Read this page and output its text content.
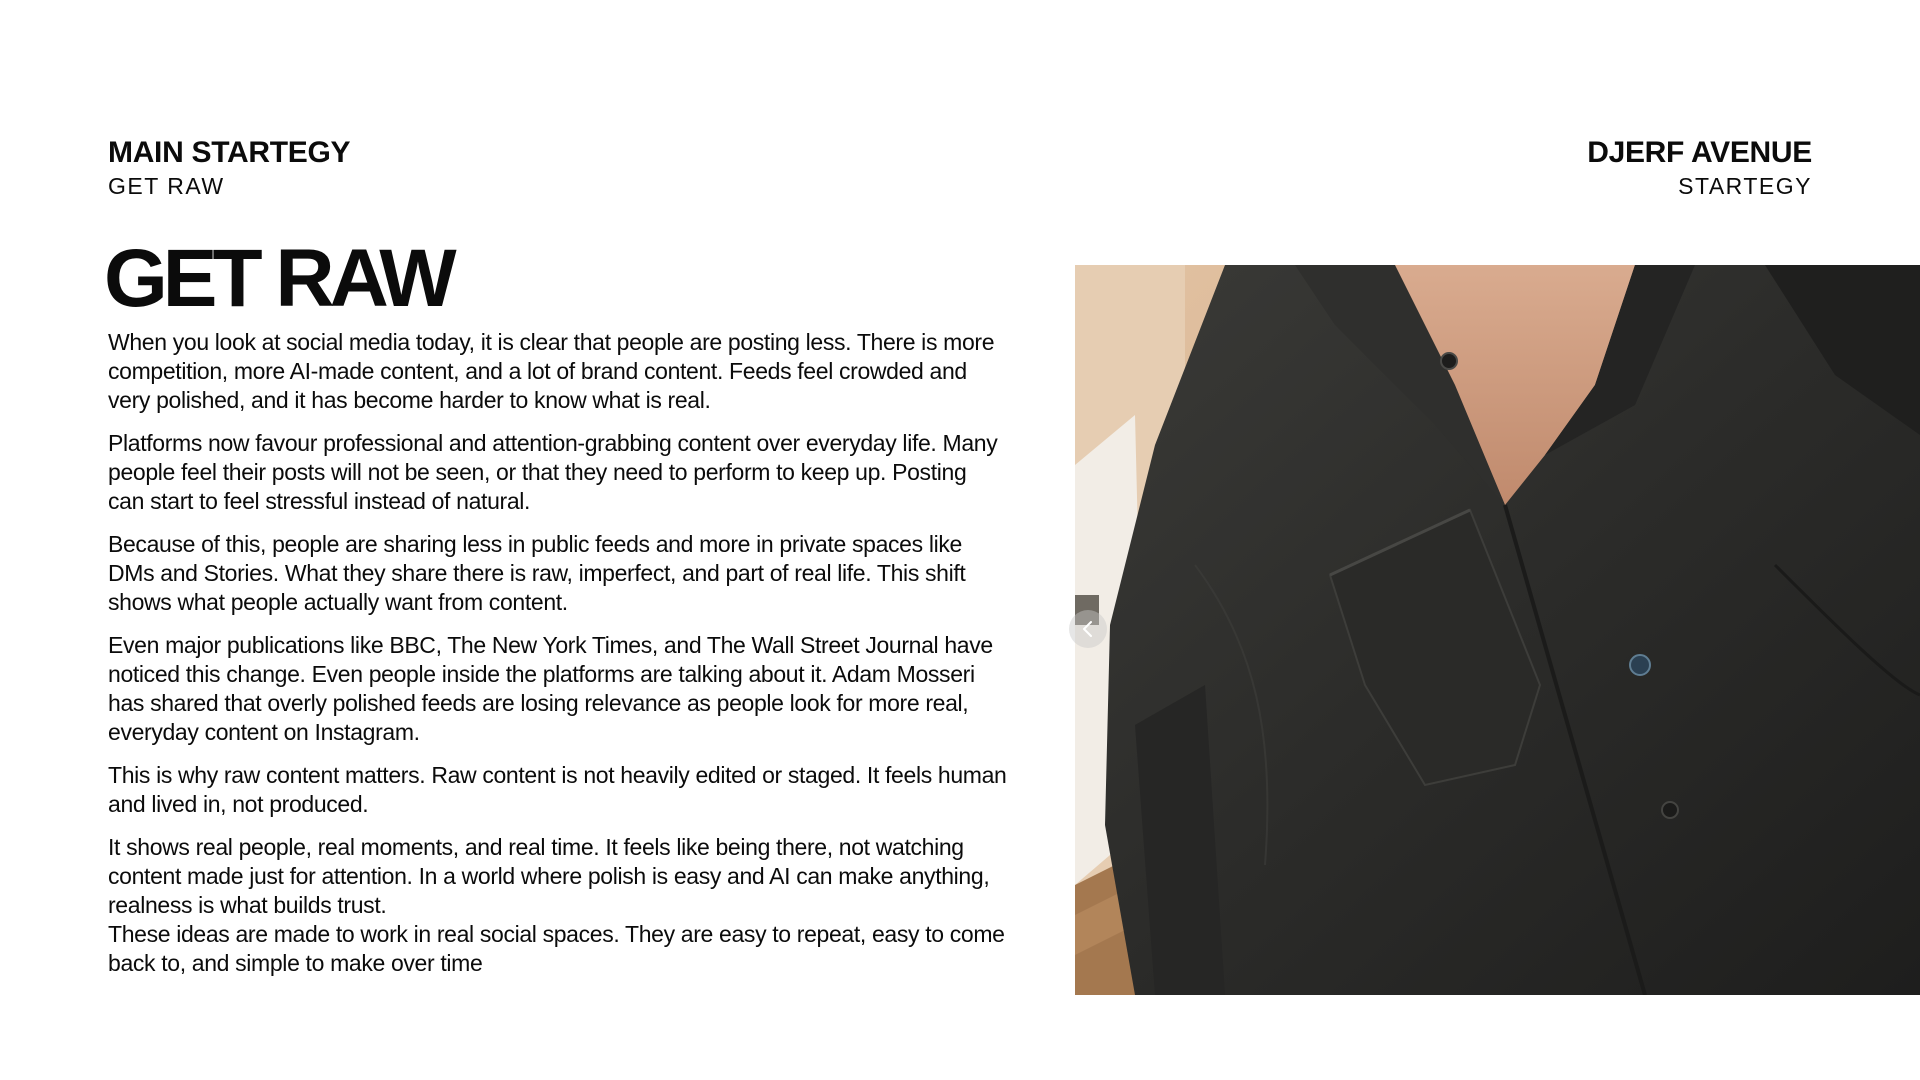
MAIN STARTEGY
GET RAW
DJERF AVENUE
STARTEGY
GET RAW

When you look at social media today, it is clear that people are posting less. There is more competition, more AI-made content, and a lot of brand content. Feeds feel crowded and very polished, and it has become harder to know what is real.

Platforms now favour professional and attention-grabbing content over everyday life. Many people feel their posts will not be seen, or that they need to perform to keep up. Posting can start to feel stressful instead of natural.

Because of this, people are sharing less in public feeds and more in private spaces like DMs and Stories. What they share there is raw, imperfect, and part of real life. This shift shows what people actually want from content.

Even major publications like BBC, The New York Times, and The Wall Street Journal have noticed this change. Even people inside the platforms are talking about it. Adam Mosseri has shared that overly polished feeds are losing relevance as people look for more real, everyday content on Instagram.

This is why raw content matters. Raw content is not heavily edited or staged. It feels human and lived in, not produced.

It shows real people, real moments, and real time. It feels like being there, not watching content made just for attention. In a world where polish is easy and AI can make anything, realness is what builds trust.

These ideas are made to work in real social spaces. They are easy to repeat, easy to come back to, and simple to make over time
